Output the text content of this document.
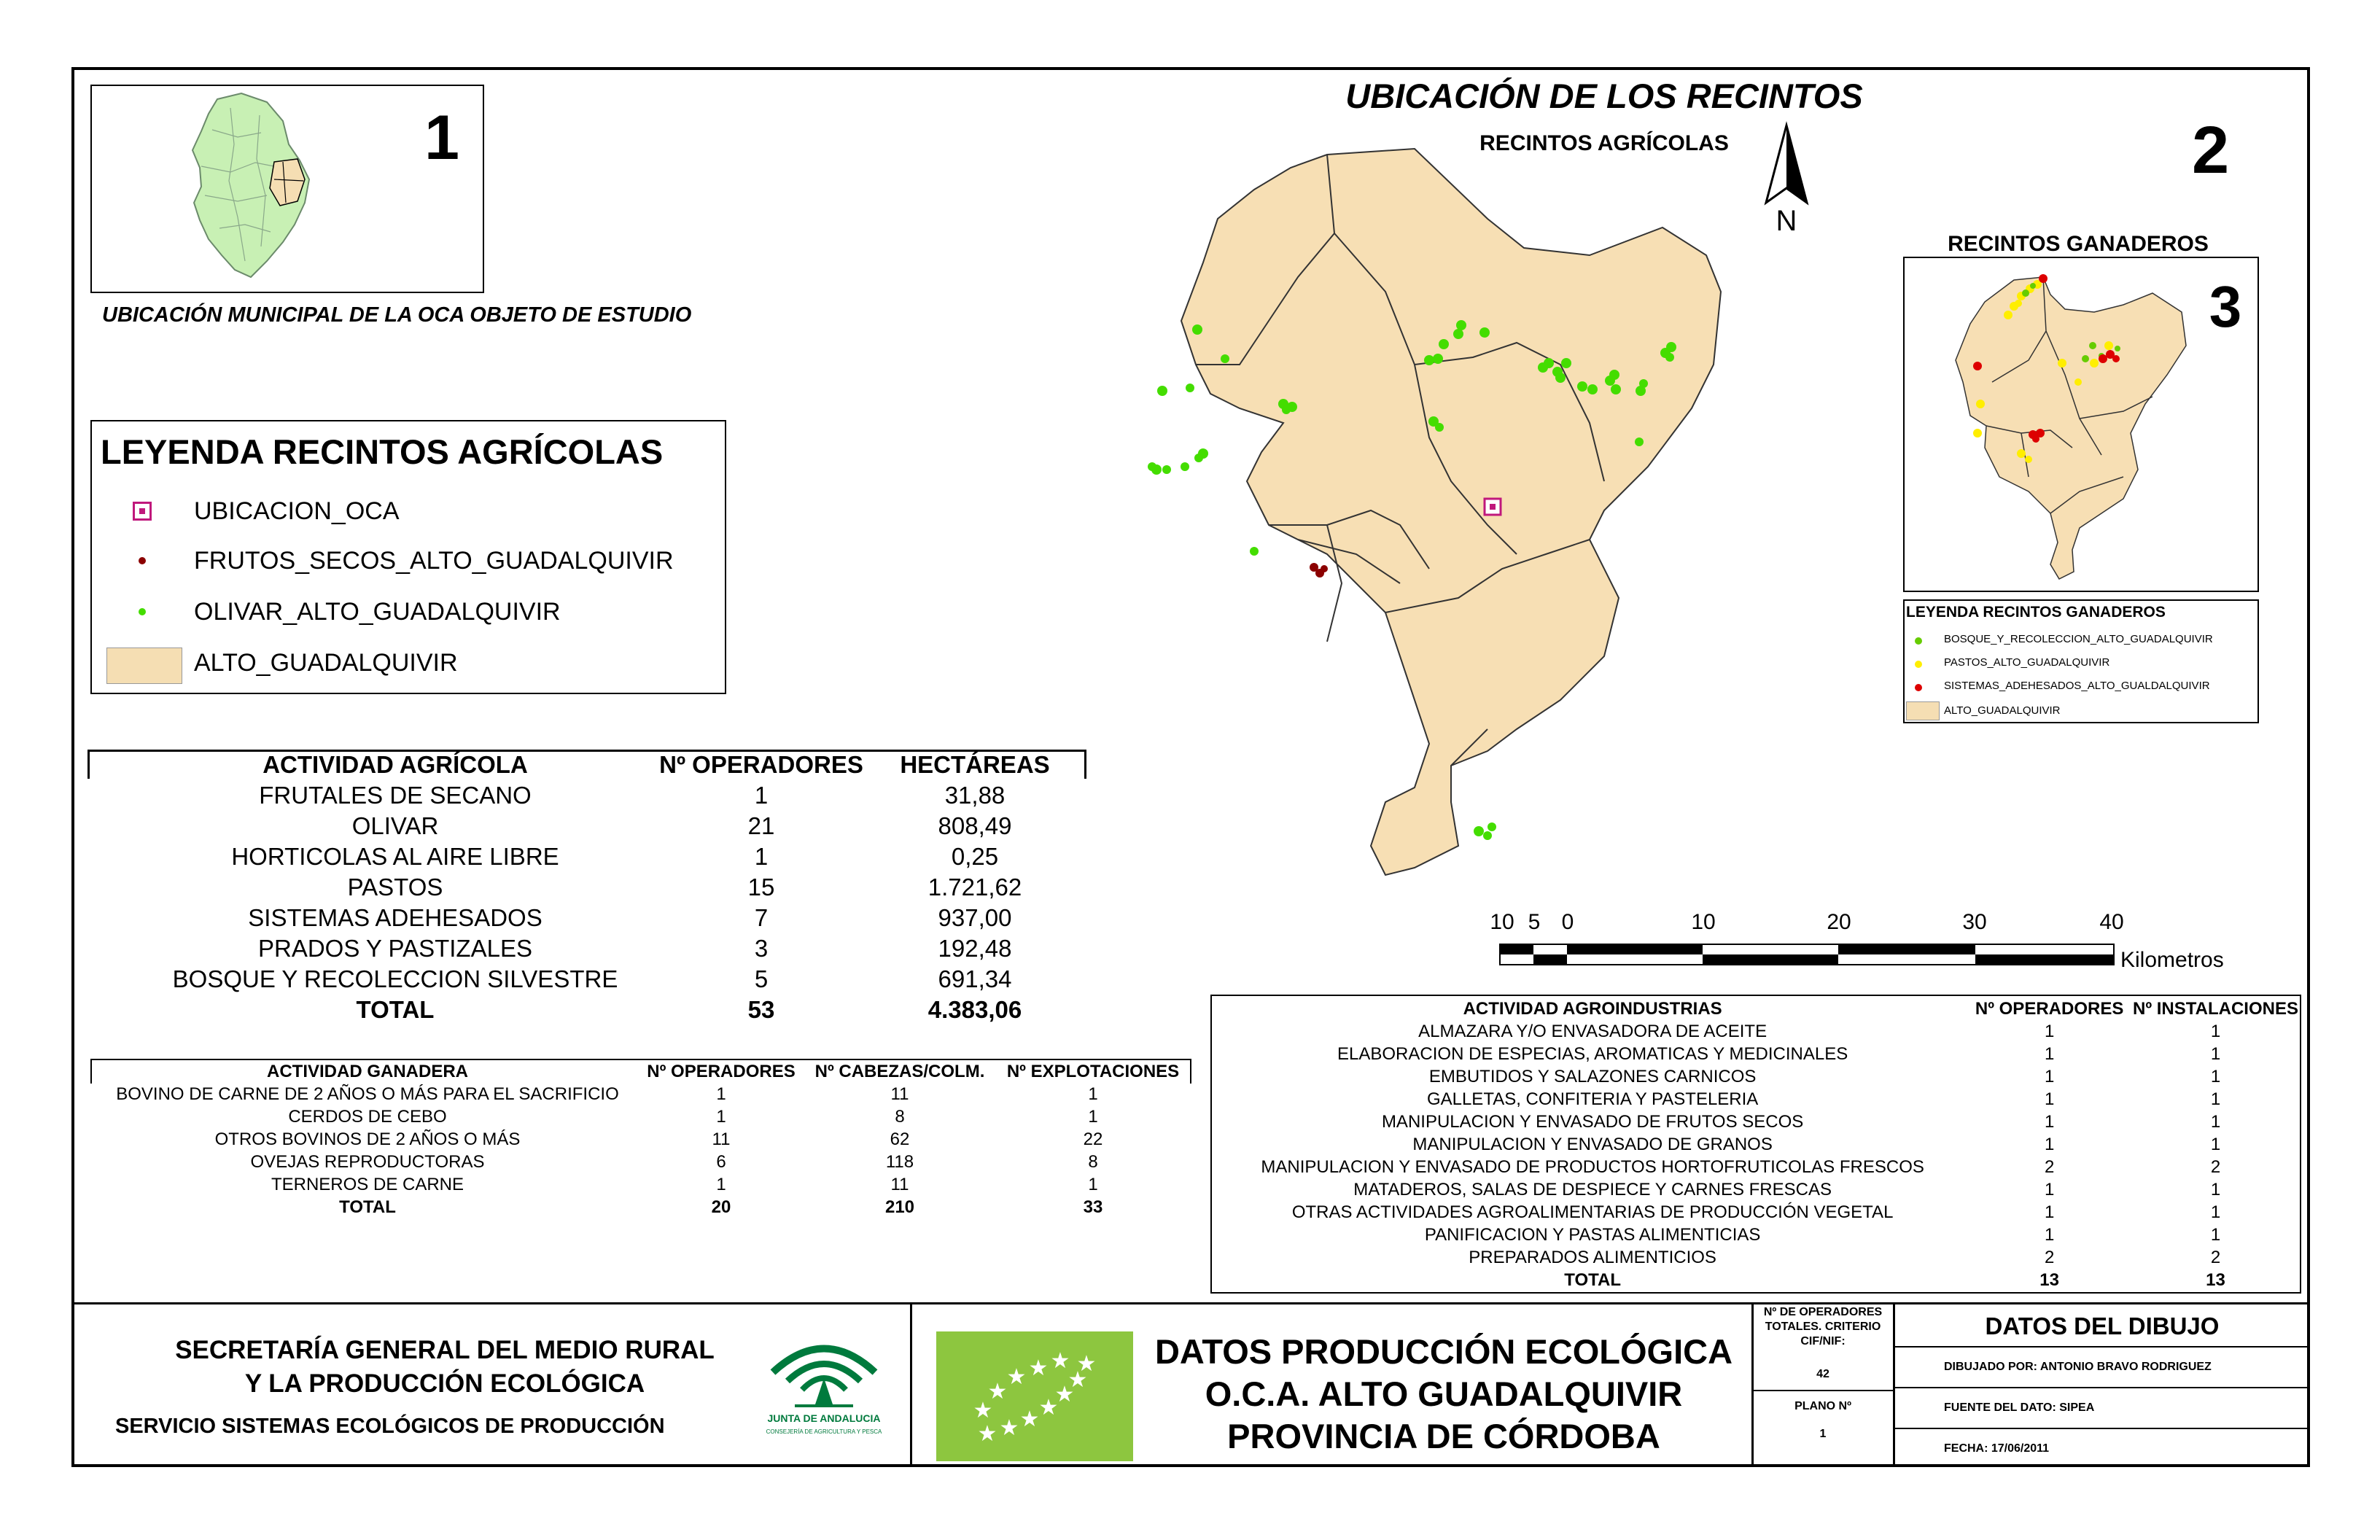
1
UBICACIÓN MUNICIPAL DE LA OCA OBJETO DE ESTUDIO
LEYENDA RECINTOS AGRÍCOLAS
UBICACION_OCA
FRUTOS_SECOS_ALTO_GUADALQUIVIR
OLIVAR_ALTO_GUADALQUIVIR
ALTO_GUADALQUIVIR
ACTIVIDAD AGRÍCOLA	Nº OPERADORES	HECTÁREAS
FRUTALES DE SECANO	1	31,88
OLIVAR	21	808,49
HORTICOLAS AL AIRE LIBRE	1	0,25
PASTOS	15	1.721,62
SISTEMAS ADEHESADOS	7	937,00
PRADOS Y PASTIZALES	3	192,48
BOSQUE Y RECOLECCION SILVESTRE	5	691,34
TOTAL	53	4.383,06
ACTIVIDAD GANADERA	Nº OPERADORES	Nº CABEZAS/COLM.	Nº EXPLOTACIONES
BOVINO DE CARNE DE 2 AÑOS O MÁS PARA EL SACRIFICIO	1	11	1
CERDOS DE CEBO	1	8	1
OTROS BOVINOS DE 2 AÑOS O MÁS	11	62	22
OVEJAS REPRODUCTORAS	6	118	8
TERNEROS DE CARNE	1	11	1
TOTAL	20	210	33
UBICACIÓN DE LOS RECINTOS
RECINTOS AGRÍCOLAS	2
N
10 5 0	10	20	30	40
Kilometros
RECINTOS GANADEROS
3
LEYENDA RECINTOS GANADEROS
BOSQUE_Y_RECOLECCION_ALTO_GUADALQUIVIR
PASTOS_ALTO_GUADALQUIVIR
SISTEMAS_ADEHESADOS_ALTO_GUALDALQUIVIR
ALTO_GUADALQUIVIR
ACTIVIDAD AGROINDUSTRIAS	Nº OPERADORES	Nº INSTALACIONES
ALMAZARA Y/O ENVASADORA DE ACEITE	1	1
ELABORACION DE ESPECIAS, AROMATICAS Y MEDICINALES	1	1
EMBUTIDOS Y SALAZONES CARNICOS	1	1
GALLETAS, CONFITERIA Y PASTELERIA	1	1
MANIPULACION Y ENVASADO DE FRUTOS SECOS	1	1
MANIPULACION Y ENVASADO DE GRANOS	1	1
MANIPULACION Y ENVASADO DE PRODUCTOS HORTOFRUTICOLAS FRESCOS	2	2
MATADEROS, SALAS DE DESPIECE Y CARNES FRESCAS	1	1
OTRAS ACTIVIDADES AGROALIMENTARIAS DE PRODUCCIÓN VEGETAL	1	1
PANIFICACION Y PASTAS ALIMENTICIAS	1	1
PREPARADOS ALIMENTICIOS	2	2
TOTAL	13	13
SECRETARÍA GENERAL DEL MEDIO RURAL
Y LA PRODUCCIÓN ECOLÓGICA
SERVICIO SISTEMAS ECOLÓGICOS DE PRODUCCIÓN	JUNTA DE ANDALUCIA
CONSEJERÍA DE AGRICULTURA Y PESCA	★ ★ ★ ★
★
★
★
★
★
★ ★ ★	DATOS PRODUCCIÓN ECOLÓGICA
O.C.A. ALTO GUADALQUIVIR
PROVINCIA DE CÓRDOBA
Nº DE OPERADORES TOTALES. CRITERIO CIF/NIF:
42
PLANO Nº
1
DATOS DEL DIBUJO
DIBUJADO POR: ANTONIO BRAVO RODRIGUEZ
FUENTE DEL DATO: SIPEA
FECHA: 17/06/2011
